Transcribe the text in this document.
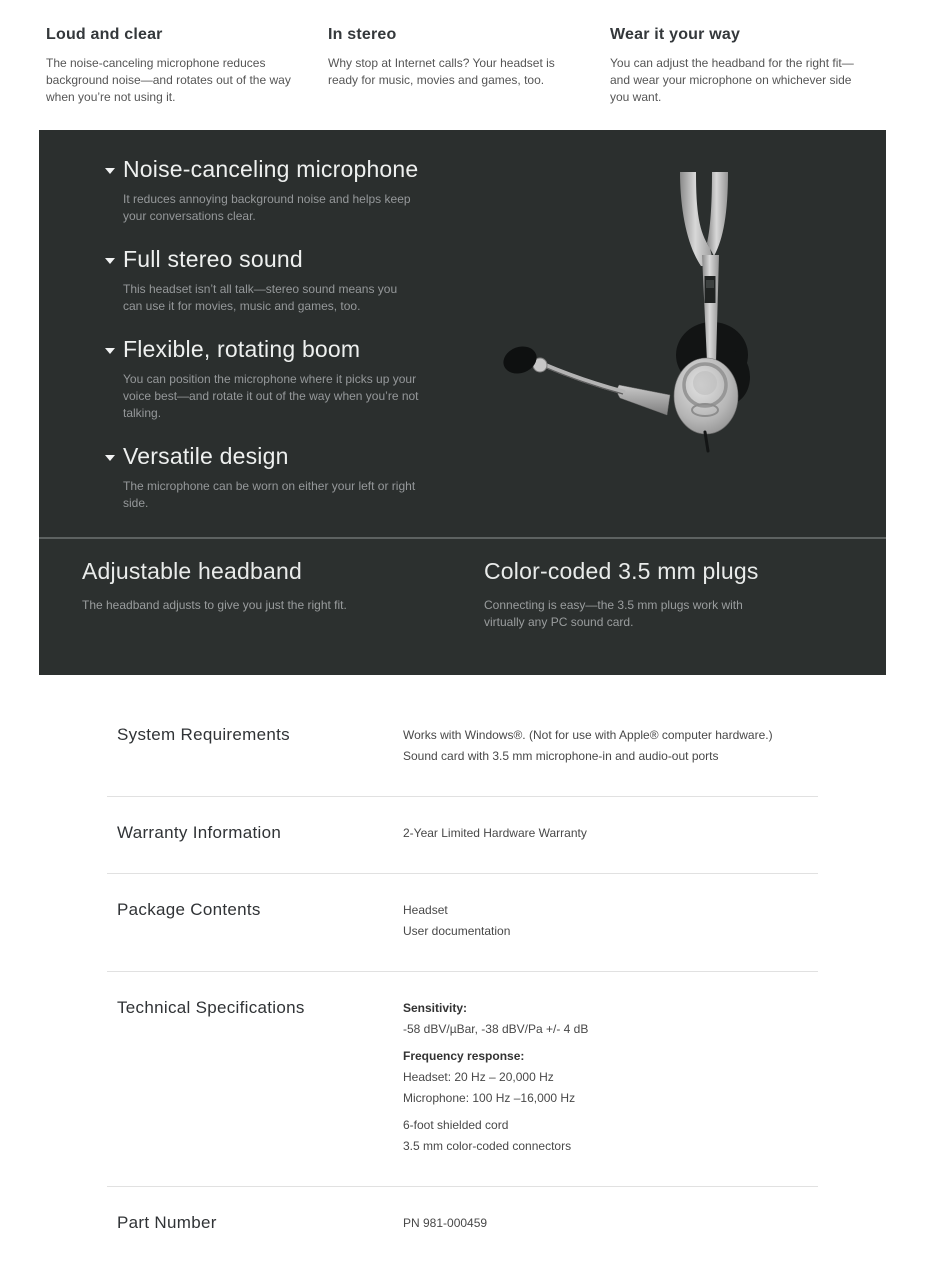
Loud and clear

The noise-canceling microphone reduces background noise—and rotates out of the way when you’re not using it.

In stereo

Why stop at Internet calls? Your headset is ready for music, movies and games, too.

Wear it your way

You can adjust the headband for the right fit—and wear your microphone on whichever side you want.

Noise-canceling microphone

It reduces annoying background noise and helps keep your conversations clear.

Full stereo sound

This headset isn’t all talk—stereo sound means you can use it for movies, music and games, too.

Flexible, rotating boom

You can position the microphone where it picks up your voice best—and rotate it out of the way when you’re not talking.

Versatile design

The microphone can be worn on either your left or right side.

Adjustable headband

The headband adjusts to give you just the right fit.

Color-coded 3.5 mm plugs

Connecting is easy—the 3.5 mm plugs work with virtually any PC sound card.

System Requirements	Works with Windows®. (Not for use with Apple® computer hardware.)

Sound card with 3.5 mm microphone-in and audio-out ports

Warranty Information	2-Year Limited Hardware Warranty

Package Contents	Headset

User documentation

Technical Specifications	Sensitivity:

-58 dBV/µBar, -38 dBV/Pa +/- 4 dB

Frequency response:

Headset: 20 Hz – 20,000 Hz

Microphone: 100 Hz –16,000 Hz

6-foot shielded cord

3.5 mm color-coded connectors

Part Number	PN 981-000459
